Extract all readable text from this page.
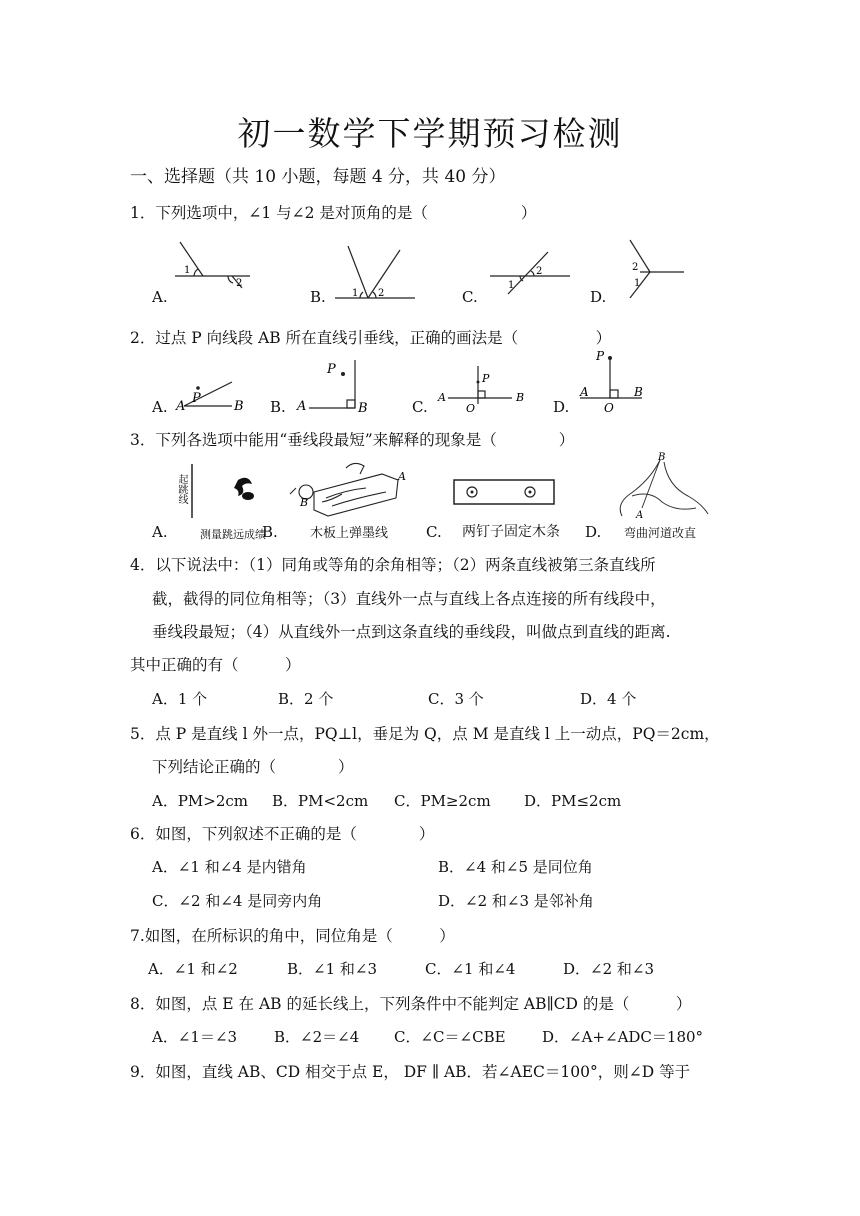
初一数学下学期预习检测
一、选择题（共 10 小题，每题 4 分，共 40 分）
1．下列选项中，∠1 与∠2 是对顶角的是（　　　　　　）
A.	B.	C.	D.
1
2
1 2
1
2	2
1
2．过点 P 向线段 AB 所在直线引垂线，正确的画法是（　　　　　）
A.	B.	C.	D.
A
P
B
P
A	B
P
A
O
B
P
A	B
O
3．下列各选项中能用“垂线段最短”来解释的现象是（　　　　）
A.	C.	D.
测量跳远成绩
B. 木板上弹墨线	两钉子固定木条	弯曲河道改直
起跳线	A
B
B
A
4．以下说法中：（1）同角或等角的余角相等；（2）两条直线被第三条直线所
截，截得的同位角相等；（3）直线外一点与直线上各点连接的所有线段中，
垂线段最短；（4）从直线外一点到这条直线的垂线段，叫做点到直线的距离.
其中正确的有（　　　）
A．1 个	B．2 个	C．3 个	D．4 个
5．点 P 是直线 l 外一点，PQ⊥l，垂足为 Q，点 M 是直线 l 上一动点，PQ＝2cm，
下列结论正确的（　　　　）
A．PM>2cm B．PM<2cm C．PM≥2cm D．PM≤2cm
6．如图，下列叙述不正确的是（　　　　）
A．∠1 和∠4 是内错角	B．∠4 和∠5 是同位角
C．∠2 和∠4 是同旁内角	D．∠2 和∠3 是邻补角
7.如图，在所标识的角中，同位角是（　　　）
A．∠1 和∠2	B．∠1 和∠3	C．∠1 和∠4	D．∠2 和∠3
8．如图，点 E 在 AB 的延长线上，下列条件中不能判定 AB∥CD 的是（　　　）
A．∠1＝∠3 B．∠2＝∠4 C．∠C＝∠CBE D．∠A+∠ADC＝180°
9．如图，直线 AB、CD 相交于点 E， DF ∥ AB．若∠AEC＝100°，则∠D 等于
